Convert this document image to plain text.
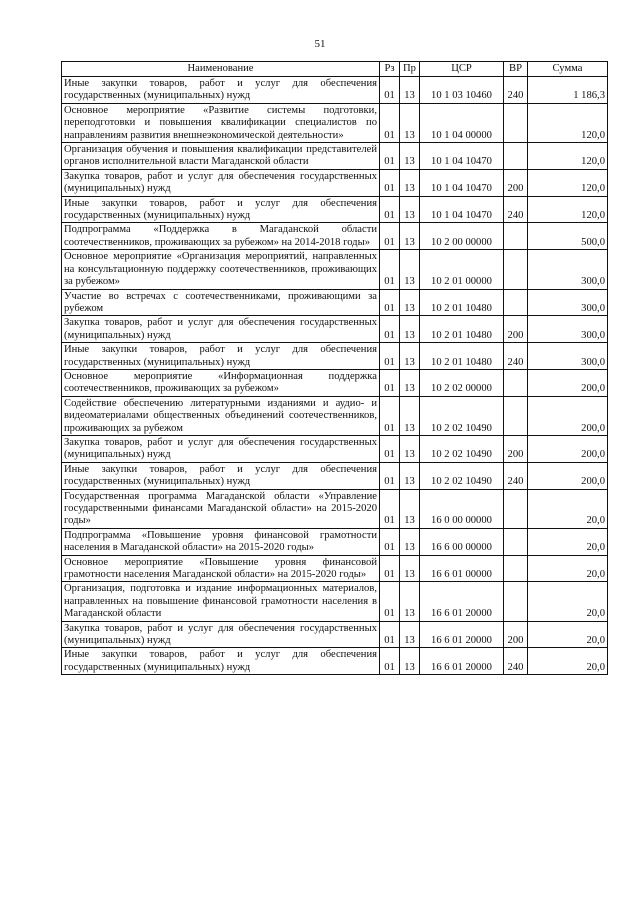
51
Наименование	Рз	Пр	ЦСР	ВР	Сумма
Иные закупки товаров, работ и услуг для обеспечения государственных (муниципальных) нужд	01	13	10 1 03 10460	240	1 186,3
Основное мероприятие «Развитие системы подготовки, переподготовки и повышения квалификации специалистов по направлениям развития внешнеэкономической деятельности»	01	13	10 1 04 00000		120,0
Организация обучения и повышения квалификации представителей органов исполнительной власти Магаданской области	01	13	10 1 04 10470		120,0
Закупка товаров, работ и услуг для обеспечения государственных (муниципальных) нужд	01	13	10 1 04 10470	200	120,0
Иные закупки товаров, работ и услуг для обеспечения государственных (муниципальных) нужд	01	13	10 1 04 10470	240	120,0
Подпрограмма «Поддержка в Магаданской области соотечественников, проживающих за рубежом» на 2014-2018 годы»	01	13	10 2 00 00000		500,0
Основное мероприятие «Организация мероприятий, направленных на консультационную поддержку соотечественников, проживающих за рубежом»	01	13	10 2 01 00000		300,0
Участие во встречах с соотечественниками, проживающими за рубежом	01	13	10 2 01 10480		300,0
Закупка товаров, работ и услуг для обеспечения государственных (муниципальных) нужд	01	13	10 2 01 10480	200	300,0
Иные закупки товаров, работ и услуг для обеспечения государственных (муниципальных) нужд	01	13	10 2 01 10480	240	300,0
Основное мероприятие «Информационная поддержка соотечественников, проживающих за рубежом»	01	13	10 2 02 00000		200,0
Содействие обеспечению литературными изданиями и аудио- и видеоматериалами общественных объединений соотечественников, проживающих за рубежом	01	13	10 2 02 10490		200,0
Закупка товаров, работ и услуг для обеспечения государственных (муниципальных) нужд	01	13	10 2 02 10490	200	200,0
Иные закупки товаров, работ и услуг для обеспечения государственных (муниципальных) нужд	01	13	10 2 02 10490	240	200,0
Государственная программа Магаданской области «Управление государственными финансами Магаданской области» на 2015-2020 годы»	01	13	16 0 00 00000		20,0
Подпрограмма «Повышение уровня финансовой грамотности населения в Магаданской области» на 2015-2020 годы»	01	13	16 6 00 00000		20,0
Основное мероприятие «Повышение уровня финансовой грамотности населения Магаданской области» на 2015-2020 годы»	01	13	16 6 01 00000		20,0
Организация, подготовка и издание информационных материалов, направленных на повышение финансовой грамотности населения в Магаданской области	01	13	16 6 01 20000		20,0
Закупка товаров, работ и услуг для обеспечения государственных (муниципальных) нужд	01	13	16 6 01 20000	200	20,0
Иные закупки товаров, работ и услуг для обеспечения государственных (муниципальных) нужд	01	13	16 6 01 20000	240	20,0
